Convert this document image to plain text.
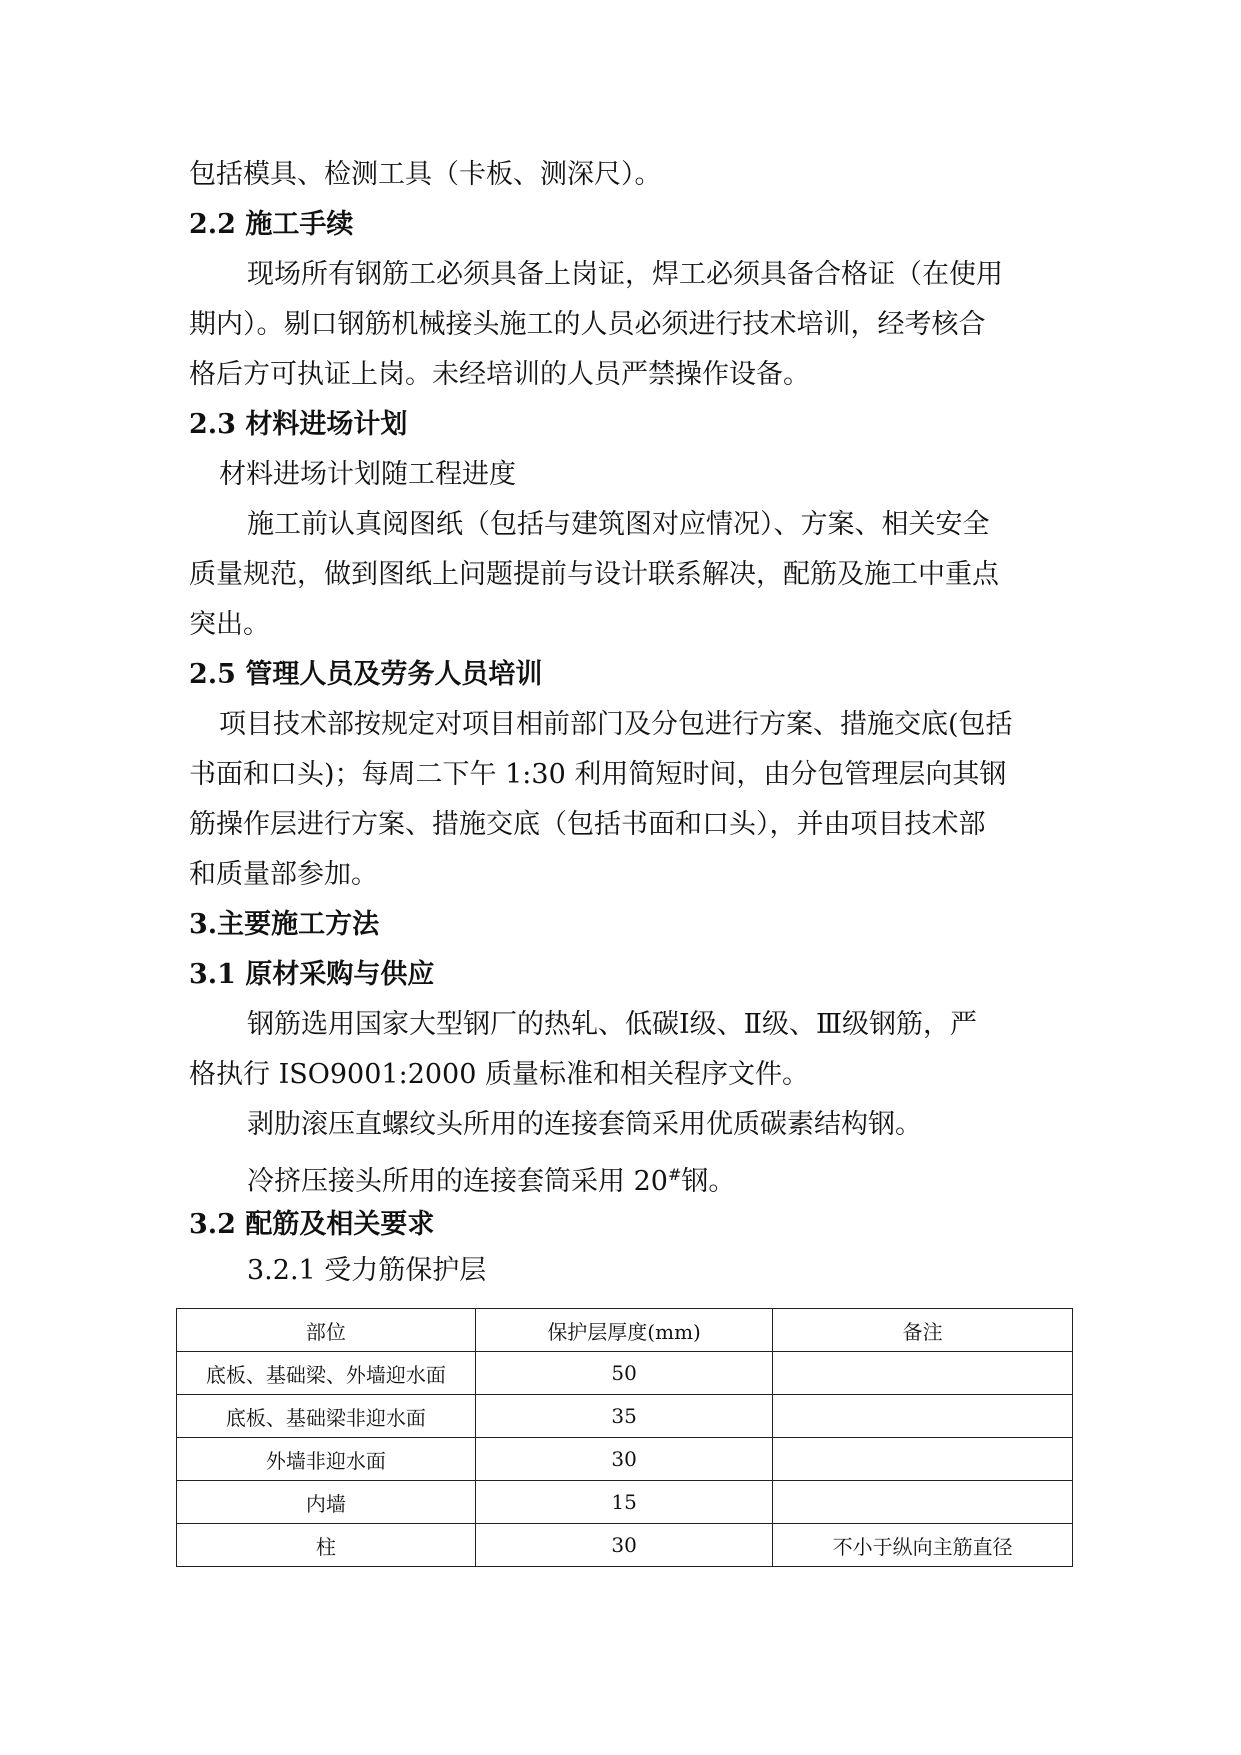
包括模具、检测工具（卡板、测深尺）。

2.2 施工手续

现场所有钢筋工必须具备上岗证，焊工必须具备合格证（在使用

期内）。剔口钢筋机械接头施工的人员必须进行技术培训，经考核合

格后方可执证上岗。未经培训的人员严禁操作设备。

2.3 材料进场计划

材料进场计划随工程进度

施工前认真阅图纸（包括与建筑图对应情况）、方案、相关安全

质量规范，做到图纸上问题提前与设计联系解决，配筋及施工中重点

突出。

2.5 管理人员及劳务人员培训

项目技术部按规定对项目相前部门及分包进行方案、措施交底(包括

书面和口头)；每周二下午 1:30 利用简短时间，由分包管理层向其钢

筋操作层进行方案、措施交底（包括书面和口头），并由项目技术部

和质量部参加。

3.主要施工方法

3.1 原材采购与供应

钢筋选用国家大型钢厂的热轧、低碳Ⅰ级、Ⅱ级、Ⅲ级钢筋，严

格执行 ISO9001:2000 质量标准和相关程序文件。

剥肋滚压直螺纹头所用的连接套筒采用优质碳素结构钢。

冷挤压接头所用的连接套筒采用 20#钢。

3.2 配筋及相关要求

3.2.1 受力筋保护层
部位	保护层厚度(mm)	备注
底板、基础梁、外墙迎水面	50	
底板、基础梁非迎水面	35	
外墙非迎水面	30	
内墙	15	
柱	30	不小于纵向主筋直径
